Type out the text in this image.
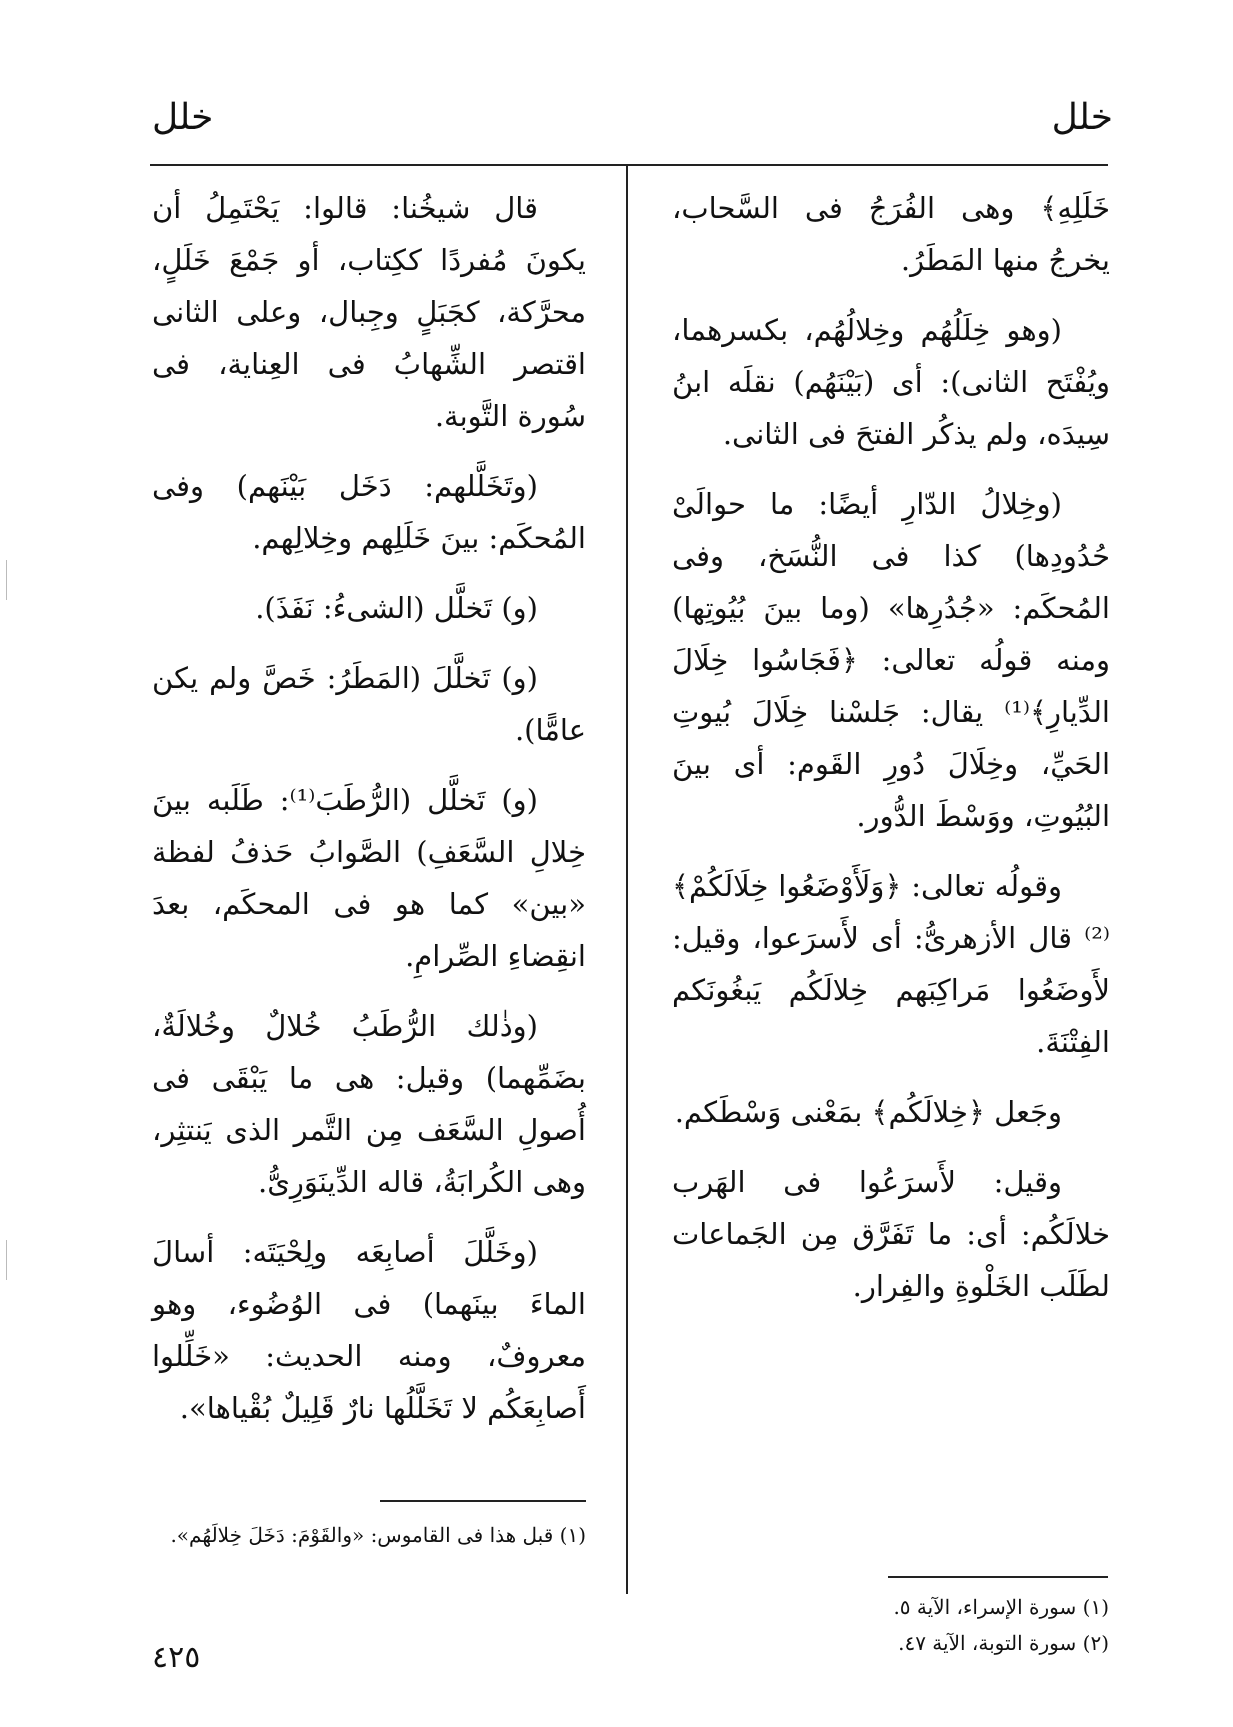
خلل
خلل

خَلَلِهِ﴾ وهى الفُرَجُ فى السَّحاب، يخرجُ منها المَطَرُ.

(وهو خِلَلُهُم وخِلالُهُم، بكسرهما، ويُفْتَح الثانى): أى (بَيْنَهُم) نقلَه ابنُ سِيدَه، ولم يذكُر الفتحَ فى الثانى.

(وخِلالُ الدّارِ أيضًا: ما حوالَىْ حُدُودِها) كذا فى النُّسَخ، وفى المُحكَم: «جُدُرِها» (وما بينَ بُيُوتِها) ومنه قولُه تعالى: ﴿فَجَاسُوا خِلَالَ الدِّيارِ﴾⁽¹⁾ يقال: جَلسْنا خِلَالَ بُيوتِ الحَيِّ، وخِلَالَ دُورِ القَوم: أى بينَ البُيُوتِ، ووَسْطَ الدُّور.

وقولُه تعالى: ﴿وَلَأَوْضَعُوا خِلَالَكُمْ﴾⁽²⁾ قال الأزهرىُّ: أى لأَسرَعوا، وقيل: لأَوضَعُوا مَراكِبَهم خِلالَكُم يَبغُونَكم الفِتْنَةَ.

وجَعل ﴿خِلالَكُم﴾ بمَعْنى وَسْطَكم.

وقيل: لأَسرَعُوا فى الهَرب خلالَكُم: أى: ما تَفَرَّق مِن الجَماعات لطَلَب الخَلْوةِ والفِرار.

قال شيخُنا: قالوا: يَحْتَمِلُ أن يكونَ مُفردًا ككِتاب، أو جَمْعَ خَلَلٍ، محرَّكة، كجَبَلٍ وجِبال، وعلى الثانى اقتصر الشِّهابُ فى العِناية، فى سُورة التَّوبة.

(وتَخَلَّلهم: دَخَل بَيْنَهم) وفى المُحكَم: بينَ خَلَلِهم وخِلالِهم.

(و) تَخلَّل (الشىءُ: نَفَذَ).

(و) تَخلَّلَ (المَطَرُ: خَصَّ ولم يكن عامًّا).

(و) تَخلَّل (الرُّطَبَ⁽¹⁾: طَلَبه بينَ خِلالِ السَّعَفِ) الصَّوابُ حَذفُ لفظة «بين» كما هو فى المحكَم، بعدَ انقِضاءِ الصِّرامِ.

(وذٰلك الرُّطَبُ خُلالٌ وخُلالَةٌ، بضَمِّهما) وقيل: هى ما يَبْقَى فى أُصولِ السَّعَف مِن التَّمر الذى يَنتثِر، وهى الكُرابَةُ، قاله الدِّينَوَرِىُّ.

(وخَلَّلَ أصابِعَه ولِحْيَتَه: أسالَ الماءَ بينَهما) فى الوُضُوء، وهو معروفٌ، ومنه الحديث: «خَلِّلوا أَصابِعَكُم لا تَخَلَّلُها نارٌ قَلِيلٌ بُقْياها».

(١) سورة الإسراء، الآية ٥.
(٢) سورة التوبة، الآية ٤٧.
(١) قبل هذا فى القاموس: «والقَوْمَ: دَخَلَ خِلالَهُم».
٤٢٥
